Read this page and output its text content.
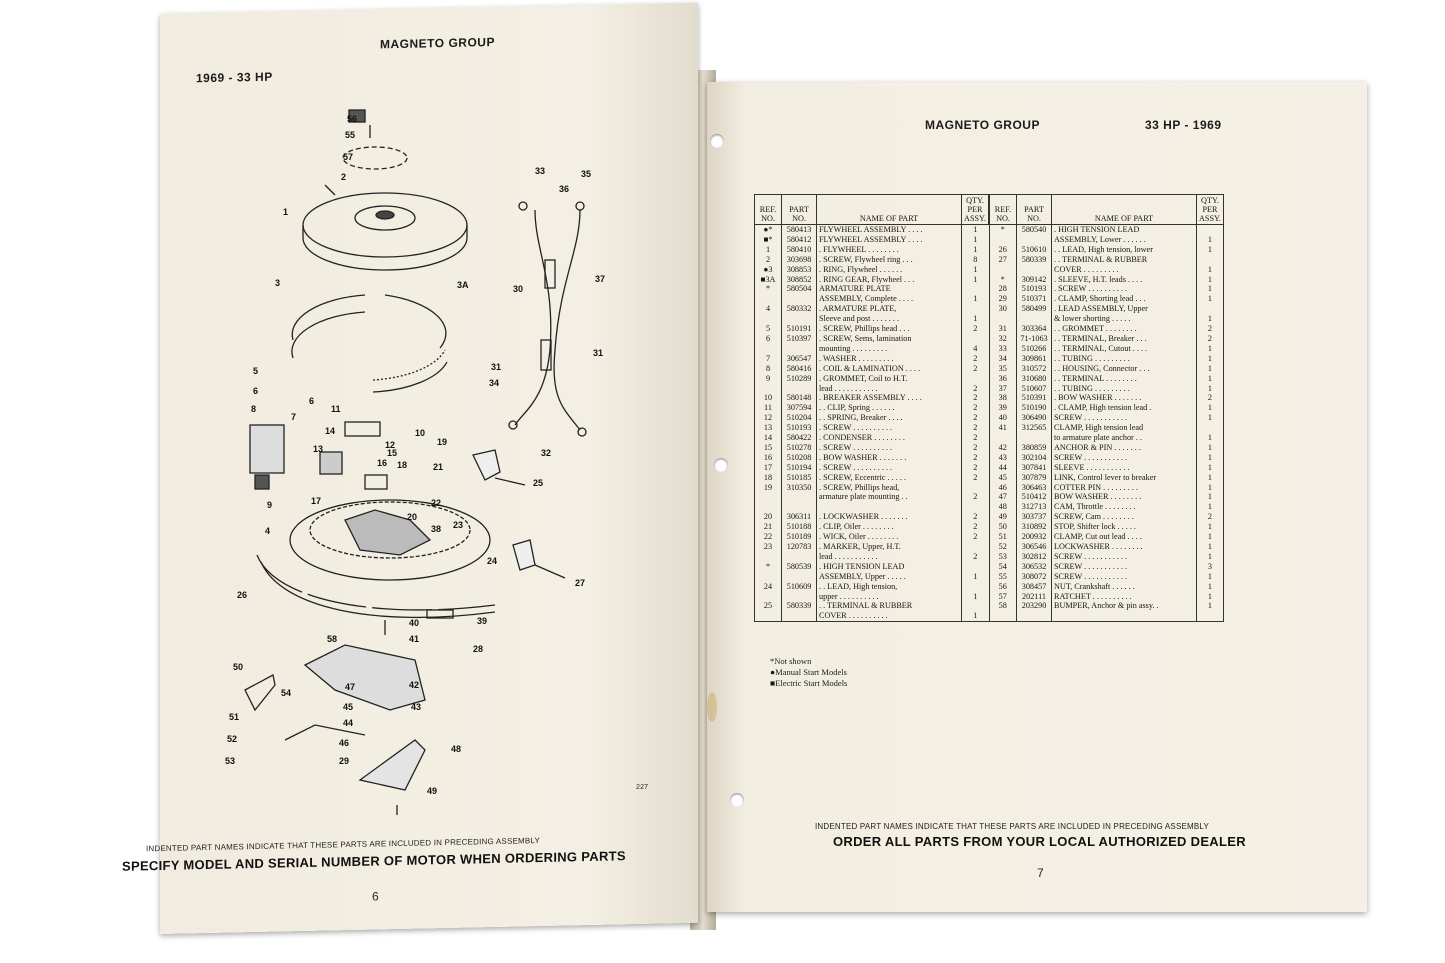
1969 - 33 HP
MAGNETO GROUP
INDENTED PART NAMES INDICATE THAT THESE PARTS ARE INCLUDED IN PRECEDING ASSEMBLY
SPECIFY MODEL AND SERIAL NUMBER OF MOTOR WHEN ORDERING PARTS
6
227
56
55
57
2
1
3	3A
33
36
35
37
30
31
34
31
32
5
6
8
6
7
11
10
19
14
12
15
13
16 18	21
9	17	22
20
38
25
4
23
24
26
27
39
40
41
28
58
50
54
47	42
45
44
43
46
51
52
53	29
48
49
MAGNETO GROUP	33 HP - 1969
INDENTED PART NAMES INDICATE THAT THESE PARTS ARE INCLUDED IN PRECEDING ASSEMBLY
ORDER ALL PARTS FROM YOUR LOCAL AUTHORIZED DEALER
7
REF. NO.	PART NO.	NAME OF PART	QTY. PER ASSY.	REF. NO.	PART NO.	NAME OF PART	QTY. PER ASSY.
●*	580413	FLYWHEEL ASSEMBLY . . . .	1	*	580540	. HIGH TENSION LEAD	
■*	580412	FLYWHEEL ASSEMBLY . . . .	1			ASSEMBLY, Lower . . . . . .	1
1	580410	. FLYWHEEL . . . . . . . .	1	26	510610	. . LEAD, High tension, lower	1
2	303698	. SCREW, Flywheel ring . . .	8	27	580339	. . TERMINAL & RUBBER	
●3	308853	. RING, Flywheel . . . . . .	1			COVER . . . . . . . . .	1
■3A	308852	. RING GEAR, Flywheel . . .	1	*	309142	. SLEEVE, H.T. leads . . . .	1
*	580504	ARMATURE PLATE		28	510193	. SCREW . . . . . . . . . .	1
		ASSEMBLY, Complete . . . .	1	29	510371	. CLAMP, Shorting lead . . .	1
4	580332	. ARMATURE PLATE,		30	580499	. LEAD ASSEMBLY, Upper	
		Sleeve and post . . . . . . .	1			& lower shorting . . . . .	1
5	510191	. SCREW, Phillips head . . .	2	31	303364	. . GROMMET . . . . . . . .	2
6	510397	. SCREW, Sems, lamination		32	71-1063	. . TERMINAL, Breaker . . .	2
		mounting . . . . . . . . .	4	33	510266	. . TERMINAL, Cutout . . . .	1
7	306547	. WASHER . . . . . . . . .	2	34	309861	. . TUBING . . . . . . . . .	1
8	580416	. COIL & LAMINATION . . . .	2	35	310572	. . HOUSING, Connector . . .	1
9	510289	. GROMMET, Coil to H.T.		36	310680	. . TERMINAL . . . . . . . .	1
		lead . . . . . . . . . . .	2	37	510607	. . TUBING . . . . . . . . .	1
10	580148	. BREAKER ASSEMBLY . . . .	2	38	510391	. BOW WASHER . . . . . . .	2
11	307594	. . CLIP, Spring . . . . . .	2	39	510190	. CLAMP, High tension lead .	1
12	510204	. . SPRING, Breaker . . . .	2	40	306490	SCREW . . . . . . . . . . .	1
13	510193	. SCREW . . . . . . . . . .	2	41	312565	CLAMP, High tension lead	
14	580422	. CONDENSER . . . . . . . .	2			to armature plate anchor . .	1
15	510278	. SCREW . . . . . . . . . .	2	42	380859	ANCHOR & PIN . . . . . . .	1
16	510208	. BOW WASHER . . . . . . .	2	43	302104	SCREW . . . . . . . . . . .	1
17	510194	. SCREW . . . . . . . . . .	2	44	307841	SLEEVE . . . . . . . . . . .	1
18	510185	. SCREW, Eccentric . . . . .	2	45	307879	LINK, Control lever to breaker	1
19	310350	. SCREW, Phillips head,		46	306463	COTTER PIN . . . . . . . . .	1
		armature plate mounting . .	2	47	510412	BOW WASHER . . . . . . . .	1
				48	312713	CAM, Throttle . . . . . . . .	1
20	306311	. LOCKWASHER . . . . . . .	2	49	303737	SCREW, Cam . . . . . . . .	2
21	510188	. CLIP, Oiler . . . . . . . .	2	50	310892	STOP, Shifter lock . . . . .	1
22	510189	. WICK, Oiler . . . . . . . .	2	51	200932	CLAMP, Cut out lead . . . .	1
23	120783	. MARKER, Upper, H.T.		52	306546	LOCKWASHER . . . . . . . .	1
		lead . . . . . . . . . . .	2	53	302812	SCREW . . . . . . . . . . .	1
*	580539	. HIGH TENSION LEAD		54	306532	SCREW . . . . . . . . . . .	3
		ASSEMBLY, Upper . . . . .	1	55	308072	SCREW . . . . . . . . . . .	1
24	510609	. . LEAD, High tension,		56	308457	NUT, Crankshaft . . . . . .	1
		upper . . . . . . . . . .	1	57	202111	RATCHET . . . . . . . . . .	1
25	580339	. . TERMINAL & RUBBER		58	203290	BUMPER, Anchor & pin assy. .	1
		COVER . . . . . . . . . .	1				
*Not shown
●Manual Start Models
■Electric Start Models
